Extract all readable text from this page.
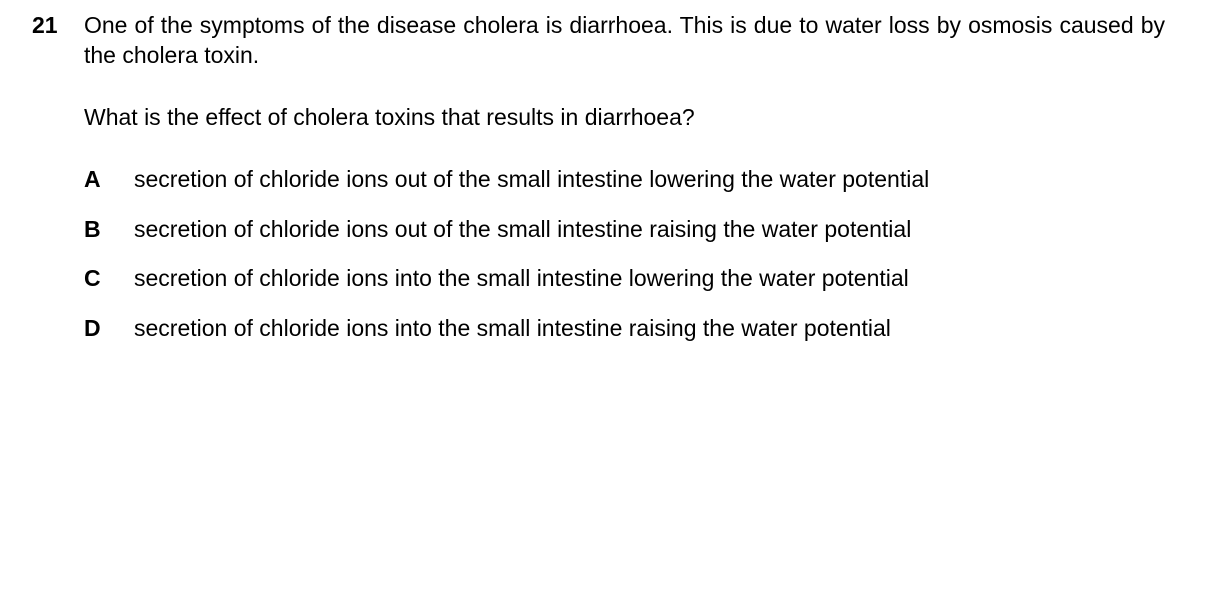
21 One of the symptoms of the disease cholera is diarrhoea. This is due to water loss by osmosis caused by the cholera toxin.

What is the effect of cholera toxins that results in diarrhoea?

A secretion of chloride ions out of the small intestine lowering the water potential
B secretion of chloride ions out of the small intestine raising the water potential
C secretion of chloride ions into the small intestine lowering the water potential
D secretion of chloride ions into the small intestine raising the water potential
